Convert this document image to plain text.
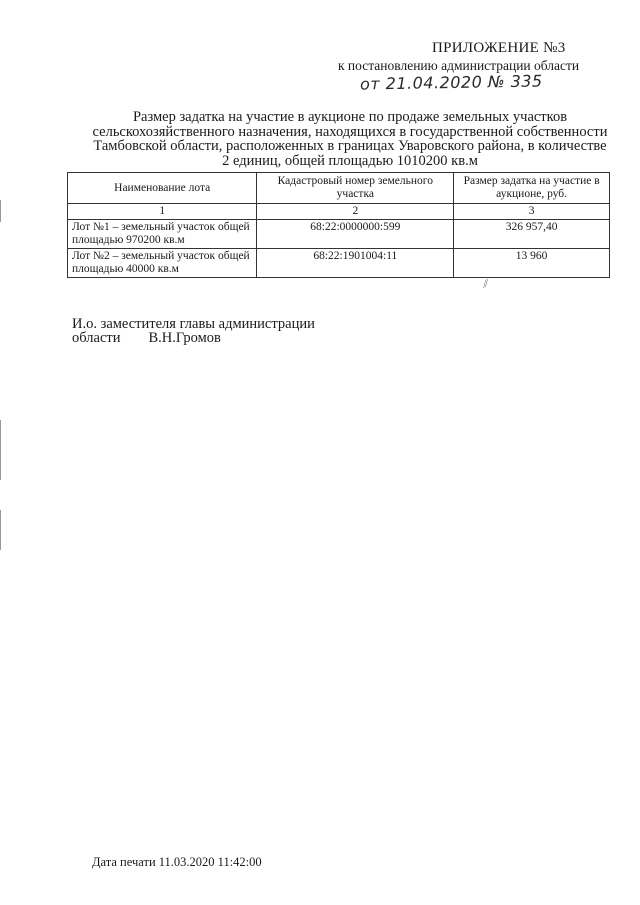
ПРИЛОЖЕНИЕ №3
к постановлению администрации области
от 21.04.2020 № 335
Размер задатка на участие в аукционе по продаже земельных участков сельскохозяйственного назначения, находящихся в государственной собственности Тамбовской области, расположенных в границах Уваровского района, в количестве 2 единиц, общей площадью 1010200 кв.м
Наименование лота	Кадастровый номер земельного участка	Размер задатка на участие в аукционе, руб.
1	2	3
Лот №1 – земельный участок общей площадью 970200 кв.м	68:22:0000000:599	326 957,40
Лот №2 – земельный участок общей площадью 40000 кв.м	68:22:1901004:11	13 960
⁄⁄
И.о. заместителя главы администрации
области В.Н.Громов
Дата печати 11.03.2020 11:42:00
